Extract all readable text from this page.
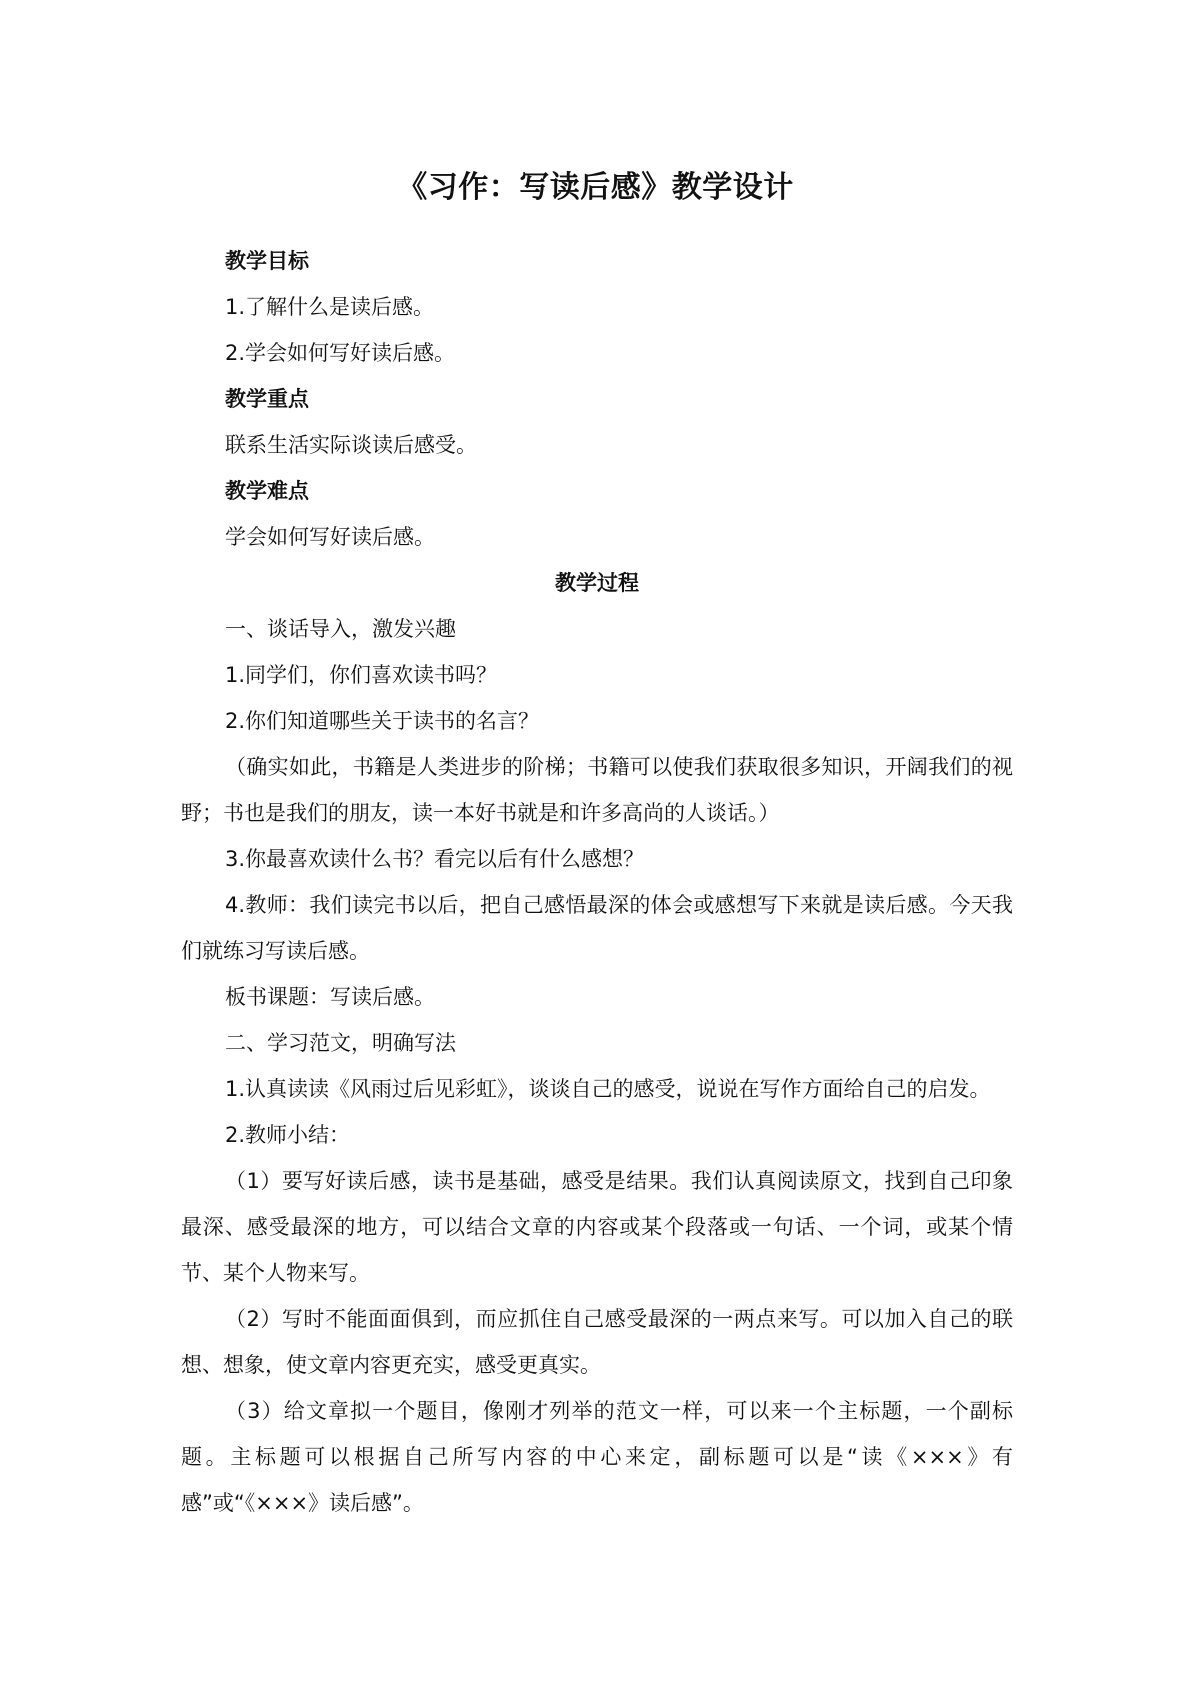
《习作：写读后感》教学设计

教学目标

1.了解什么是读后感。

2.学会如何写好读后感。

教学重点

联系生活实际谈读后感受。

教学难点

学会如何写好读后感。

教学过程

一、谈话导入，激发兴趣

1.同学们，你们喜欢读书吗？

2.你们知道哪些关于读书的名言？

（确实如此，书籍是人类进步的阶梯；书籍可以使我们获取很多知识，开阔我们的视野；书也是我们的朋友，读一本好书就是和许多高尚的人谈话。）

3.你最喜欢读什么书？看完以后有什么感想？

4.教师：我们读完书以后，把自己感悟最深的体会或感想写下来就是读后感。今天我们就练习写读后感。

板书课题：写读后感。

二、学习范文，明确写法

1.认真读读《风雨过后见彩虹》，谈谈自己的感受，说说在写作方面给自己的启发。

2.教师小结：

（1）要写好读后感，读书是基础，感受是结果。我们认真阅读原文，找到自己印象最深、感受最深的地方，可以结合文章的内容或某个段落或一句话、一个词，或某个情节、某个人物来写。

（2）写时不能面面俱到，而应抓住自己感受最深的一两点来写。可以加入自己的联想、想象，使文章内容更充实，感受更真实。

（3）给文章拟一个题目，像刚才列举的范文一样，可以来一个主标题，一个副标题。主标题可以根据自己所写内容的中心来定，副标题可以是“读《×××》有感”或“《×××》读后感”。
